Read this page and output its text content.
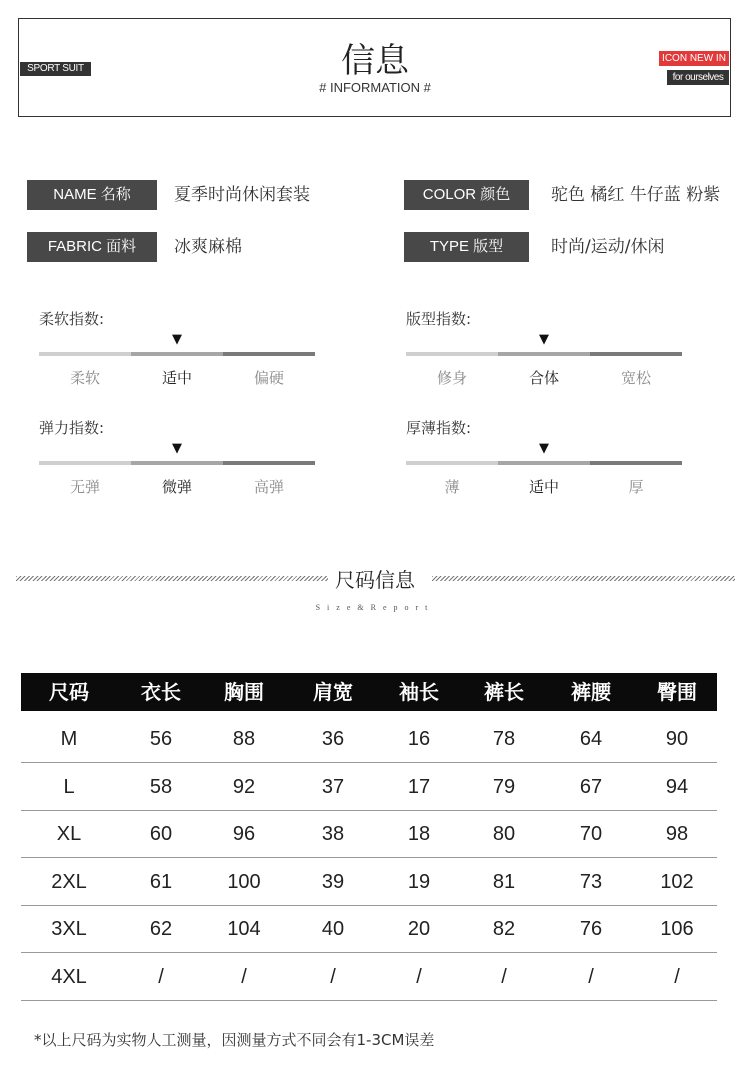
SPORT SUIT	信息
# INFORMATION #
ICON NEW IN
for ourselves
NAME 名称	夏季时尚休闲套装	COLOR 颜色	驼色 橘红 牛仔蓝 粉紫
FABRIC 面料	冰爽麻棉	TYPE 版型	时尚/运动/休闲
柔软指数:
▼
柔软	适中	偏硬
版型指数:
▼
修身	合体	宽松
弹力指数:
▼
无弹	微弹	高弹
厚薄指数:
▼
薄	适中	厚
尺码信息
Size&Report
尺码	衣长	胸围	肩宽	袖长	裤长	裤腰	臀围
M	56	88	36	16	78	64	90
L	58	92	37	17	79	67	94
XL	60	96	38	18	80	70	98
2XL	61	100	39	19	81	73	102
3XL	62	104	40	20	82	76	106
4XL	/	/	/	/	/	/	/
*以上尺码为实物人工测量，因测量方式不同会有1-3CM误差
